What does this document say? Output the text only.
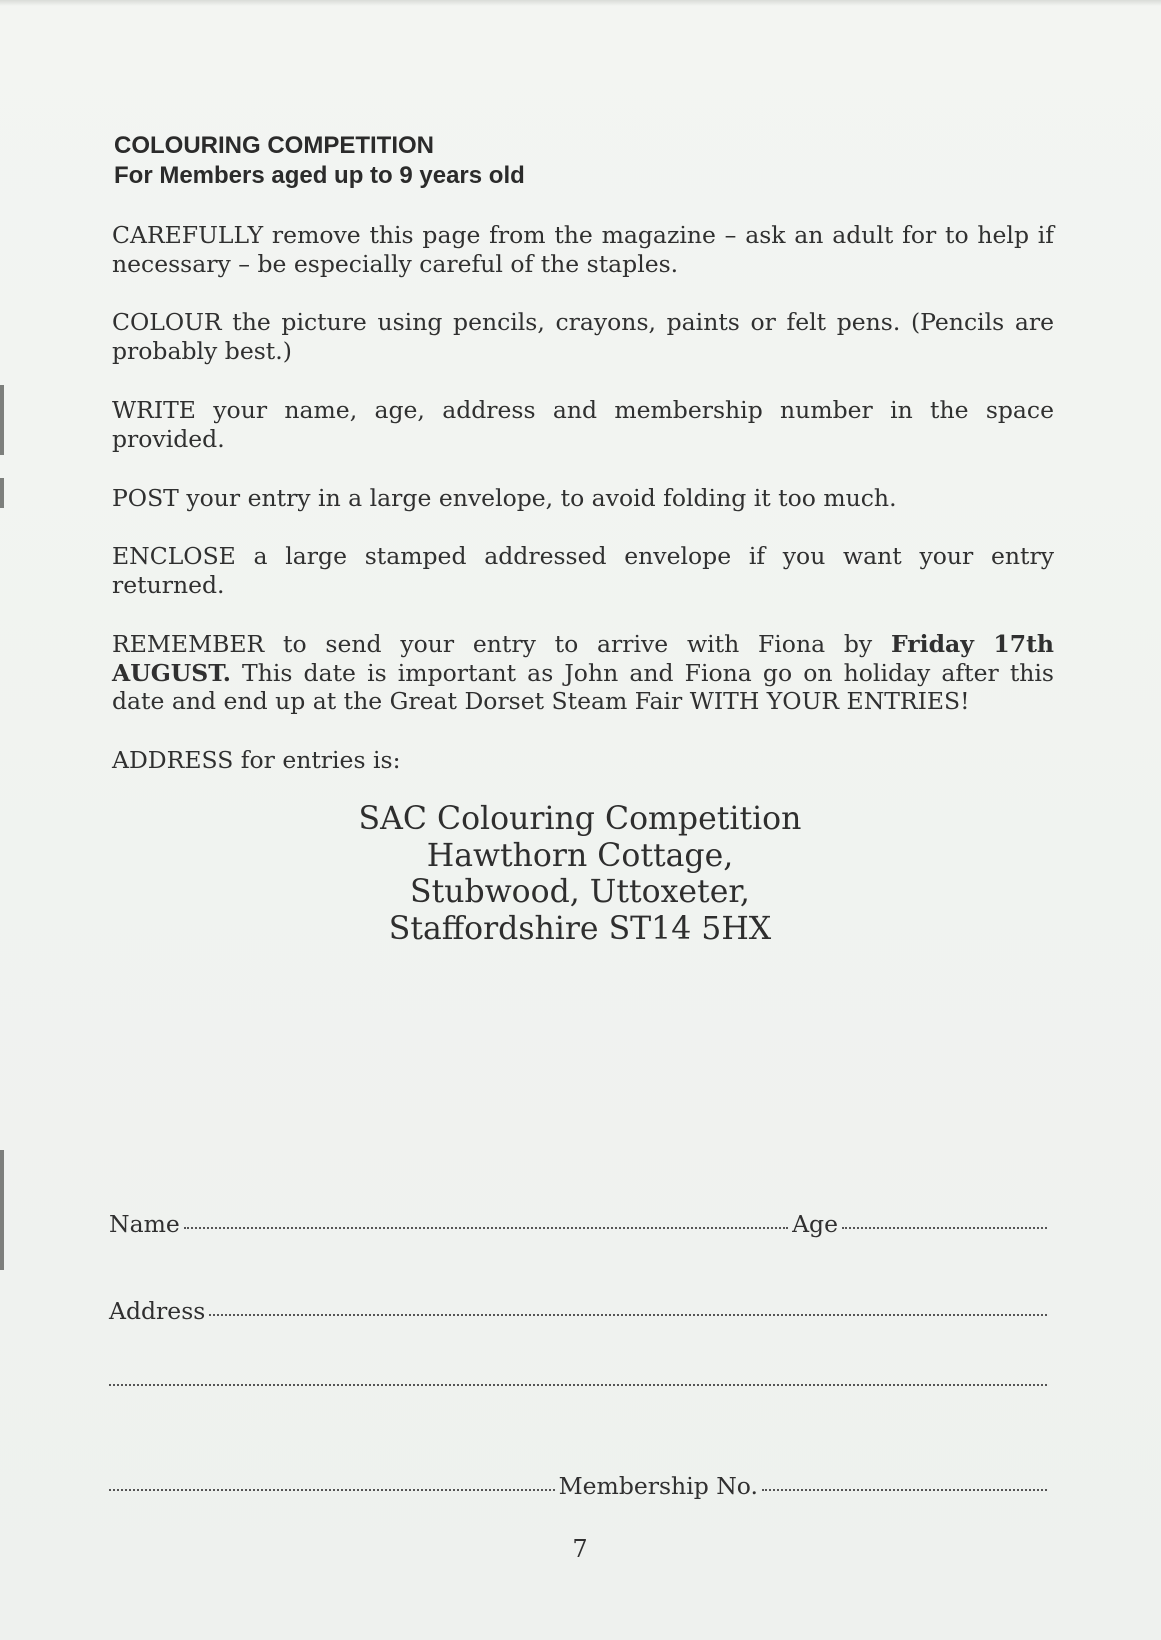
COLOURING COMPETITION
For Members aged up to 9 years old

CAREFULLY remove this page from the magazine – ask an adult for to help if necessary – be especially careful of the staples.

COLOUR the picture using pencils, crayons, paints or felt pens. (Pencils are probably best.)

WRITE your name, age, address and membership number in the space provided.

POST your entry in a large envelope, to avoid folding it too much.

ENCLOSE a large stamped addressed envelope if you want your entry returned.

REMEMBER to send your entry to arrive with Fiona by Friday 17th AUGUST. This date is important as John and Fiona go on holiday after this date and end up at the Great Dorset Steam Fair WITH YOUR ENTRIES!

ADDRESS for entries is:

SAC Colouring Competition
Hawthorn Cottage,
Stubwood, Uttoxeter,
Staffordshire ST14 5HX
Name	Age
Address
Membership No.
7
